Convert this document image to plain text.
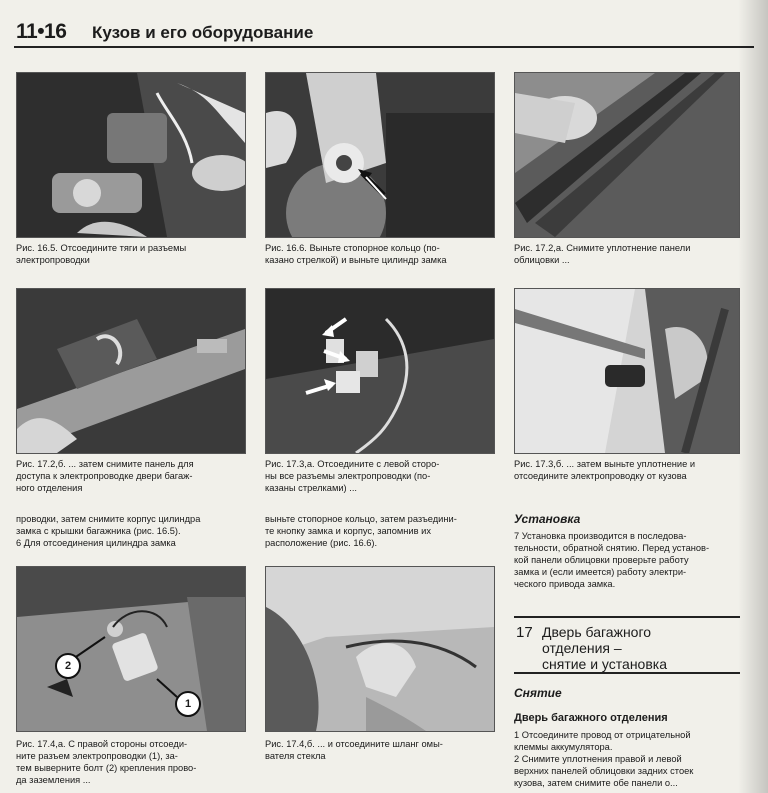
11•16 Кузов и его оборудование
Рис. 16.5. Отсоедините тяги и разъемы
электропроводки
Рис. 16.6. Выньте стопорное кольцо (по-
казано стрелкой) и выньте цилиндр замка
Рис. 17.2,а. Снимите уплотнение панели
облицовки ...
Рис. 17.2,б. ... затем снимите панель для
доступа к электропроводке двери багаж-
ного отделения
Рис. 17.3,а. Отсоедините с левой сторо-
ны все разъемы электропроводки (по-
казаны стрелками) ...
Рис. 17.3,б. ... затем выньте уплотнение и
отсоедините электропроводку от кузова
проводки, затем снимите корпус цилиндра
замка с крышки багажника (рис. 16.5).
6 Для отсоединения цилиндра замка
выньте стопорное кольцо, затем разъедини-
те кнопку замка и корпус, запомнив их
расположение (рис. 16.6).
Установка
7 Установка производится в последова-
тельности, обратной снятию. Перед установ-
кой панели облицовки проверьте работу
замка и (если имеется) работу электри-
ческого привода замка.
2
1
Рис. 17.4,а. С правой стороны отсоеди-
ните разъем электропроводки (1), за-
тем выверните болт (2) крепления прово-
да заземления ...
Рис. 17.4,б. ... и отсоедините шланг омы-
вателя стекла
17 Дверь багажного
отделения –
снятие и установка
Снятие
Дверь багажного отделения
1 Отсоедините провод от отрицательной
клеммы аккумулятора.
2 Снимите уплотнения правой и левой
верхних панелей облицовки задних стоек
кузова, затем снимите обе панели о...
